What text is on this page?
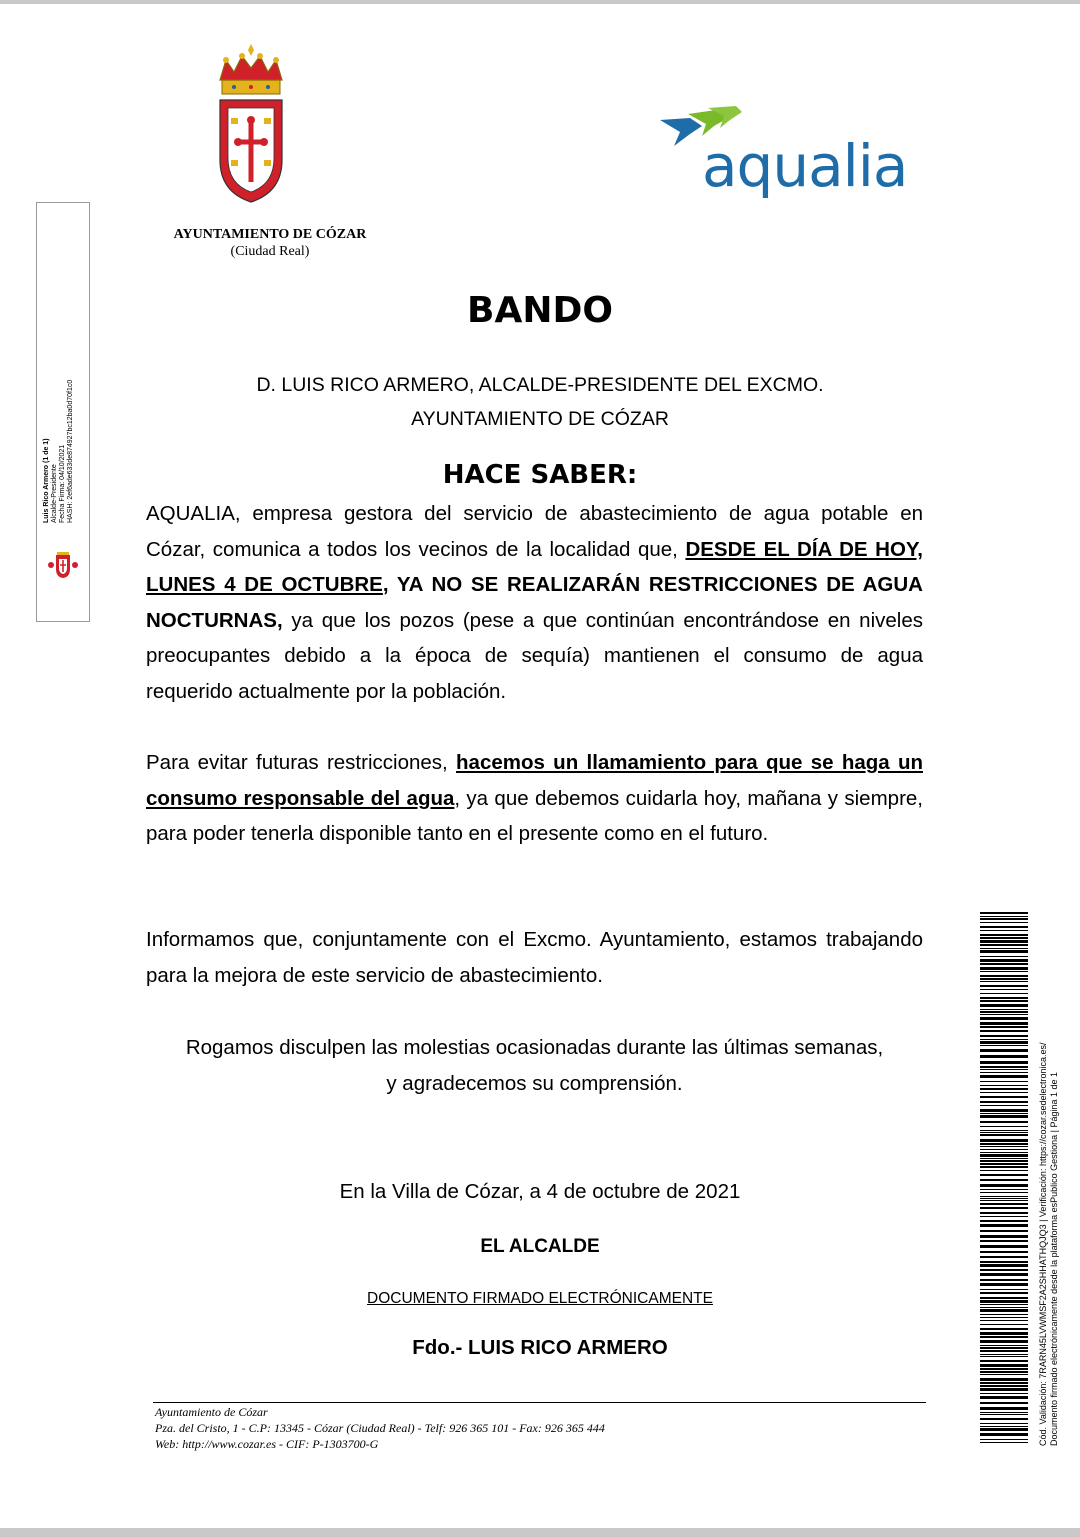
AYUNTAMIENTO DE CÓZAR
(Ciudad Real)
aqualia
Luis Rico Armero (1 de 1)
Alcalde-Presidente
Fecha Firma: 04/10/2021
HASH: 2ef6ade633de874927bc12ba0d70f1c0
Cód. Validación: 7RARN45LVWMSF2A2SHHATHQJQ3 | Verificación: https://cozar.sedelectronica.es/
Documento firmado electrónicamente desde la plataforma esPublico Gestiona | Página 1 de 1
BANDO
D. LUIS RICO ARMERO, ALCALDE-PRESIDENTE DEL EXCMO.
AYUNTAMIENTO DE CÓZAR
HACE SABER:
AQUALIA, empresa gestora del servicio de abastecimiento de agua potable en Cózar, comunica a todos los vecinos de la localidad que, DESDE EL DÍA DE HOY, LUNES 4 DE OCTUBRE, YA NO SE REALIZARÁN RESTRICCIONES DE AGUA NOCTURNAS, ya que los pozos (pese a que continúan encontrándose en niveles preocupantes debido a la época de sequía) mantienen el consumo de agua requerido actualmente por la población.
Para evitar futuras restricciones, hacemos un llamamiento para que se haga un consumo responsable del agua, ya que debemos cuidarla hoy, mañana y siempre, para poder tenerla disponible tanto en el presente como en el futuro.
Informamos que, conjuntamente con el Excmo. Ayuntamiento, estamos trabajando para la mejora de este servicio de abastecimiento.
Rogamos disculpen las molestias ocasionadas durante las últimas semanas,
y agradecemos su comprensión.
En la Villa de Cózar, a 4 de octubre de 2021
EL ALCALDE
DOCUMENTO FIRMADO ELECTRÓNICAMENTE
Fdo.- LUIS RICO ARMERO
Ayuntamiento de Cózar
Pza. del Cristo, 1 - C.P: 13345 - Cózar (Ciudad Real) - Telf: 926 365 101 - Fax: 926 365 444
Web: http://www.cozar.es - CIF: P-1303700-G
